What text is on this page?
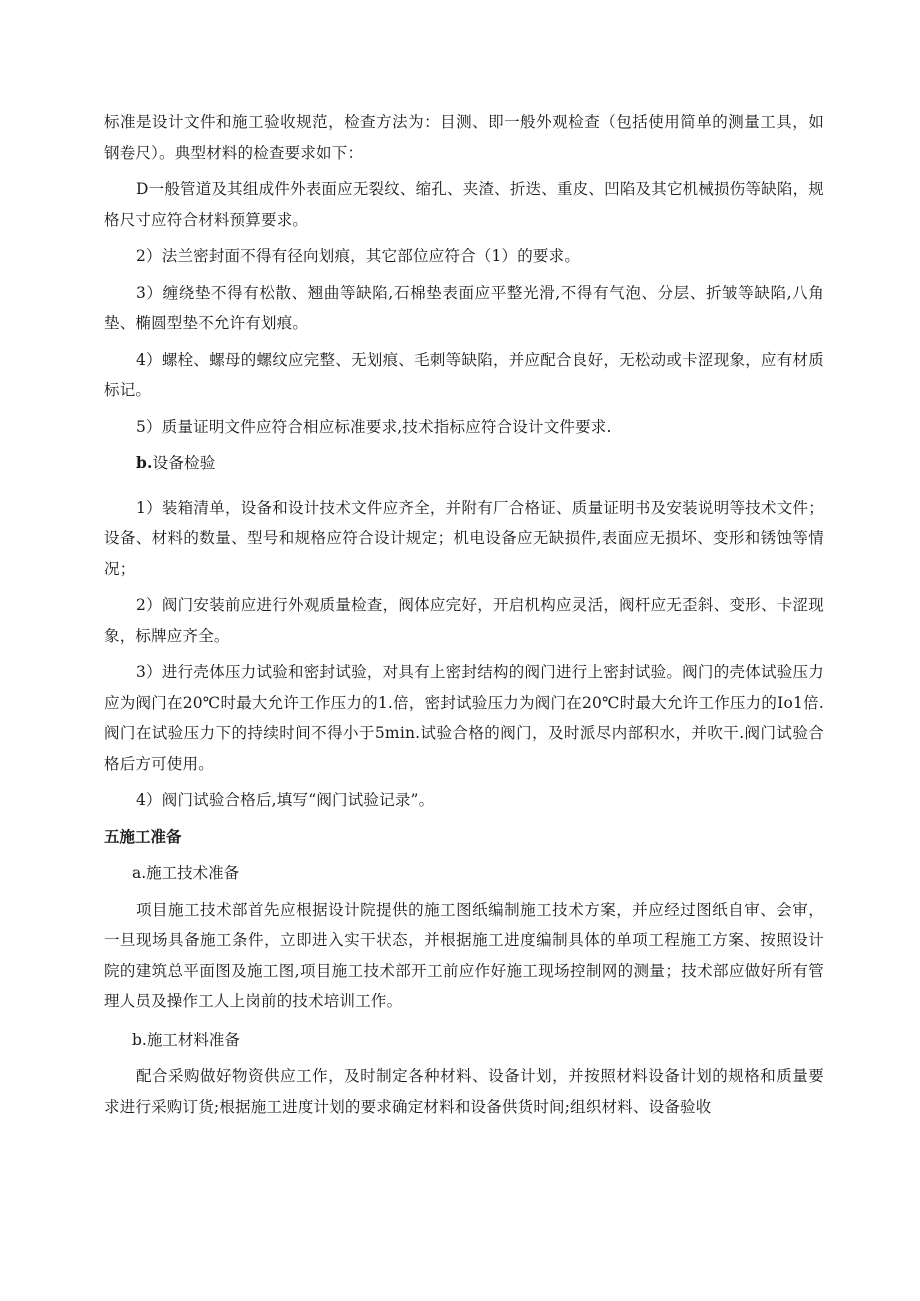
标准是设计文件和施工验收规范，检查方法为：目测、即一般外观检查（包括使用简单的测量工具，如钢卷尺）。典型材料的检查要求如下：

D一般管道及其组成件外表面应无裂纹、缩孔、夹渣、折迭、重皮、凹陷及其它机械损伤等缺陷，规格尺寸应符合材料预算要求。

2）法兰密封面不得有径向划痕，其它部位应符合（1）的要求。

3）缠绕垫不得有松散、翘曲等缺陷,石棉垫表面应平整光滑,不得有气泡、分层、折皱等缺陷,八角垫、椭圆型垫不允许有划痕。

4）螺栓、螺母的螺纹应完整、无划痕、毛刺等缺陷，并应配合良好，无松动或卡涩现象，应有材质标记。

5）质量证明文件应符合相应标准要求,技术指标应符合设计文件要求.

b.设备检验

1）装箱清单，设备和设计技术文件应齐全，并附有厂合格证、质量证明书及安装说明等技术文件；设备、材料的数量、型号和规格应符合设计规定；机电设备应无缺损件,表面应无损坏、变形和锈蚀等情况；

2）阀门安装前应进行外观质量检查，阀体应完好，开启机构应灵活，阀杆应无歪斜、变形、卡涩现象，标牌应齐全。

3）进行壳体压力试验和密封试验，对具有上密封结构的阀门进行上密封试验。阀门的壳体试验压力应为阀门在20℃时最大允许工作压力的1.倍，密封试验压力为阀门在20℃时最大允许工作压力的Io1倍.阀门在试验压力下的持续时间不得小于5min.试验合格的阀门，及时派尽内部积水，并吹干.阀门试验合格后方可使用。

4）阀门试验合格后,填写“阀门试验记录”。

五施工准备

a.施工技术准备

项目施工技术部首先应根据设计院提供的施工图纸编制施工技术方案，并应经过图纸自审、会审，一旦现场具备施工条件，立即进入实干状态，并根据施工进度编制具体的单项工程施工方案、按照设计院的建筑总平面图及施工图,项目施工技术部开工前应作好施工现场控制网的测量；技术部应做好所有管理人员及操作工人上岗前的技术培训工作。

b.施工材料准备

配合采购做好物资供应工作，及时制定各种材料、设备计划，并按照材料设备计划的规格和质量要求进行采购订货;根据施工进度计划的要求确定材料和设备供货时间;组织材料、设备验收
